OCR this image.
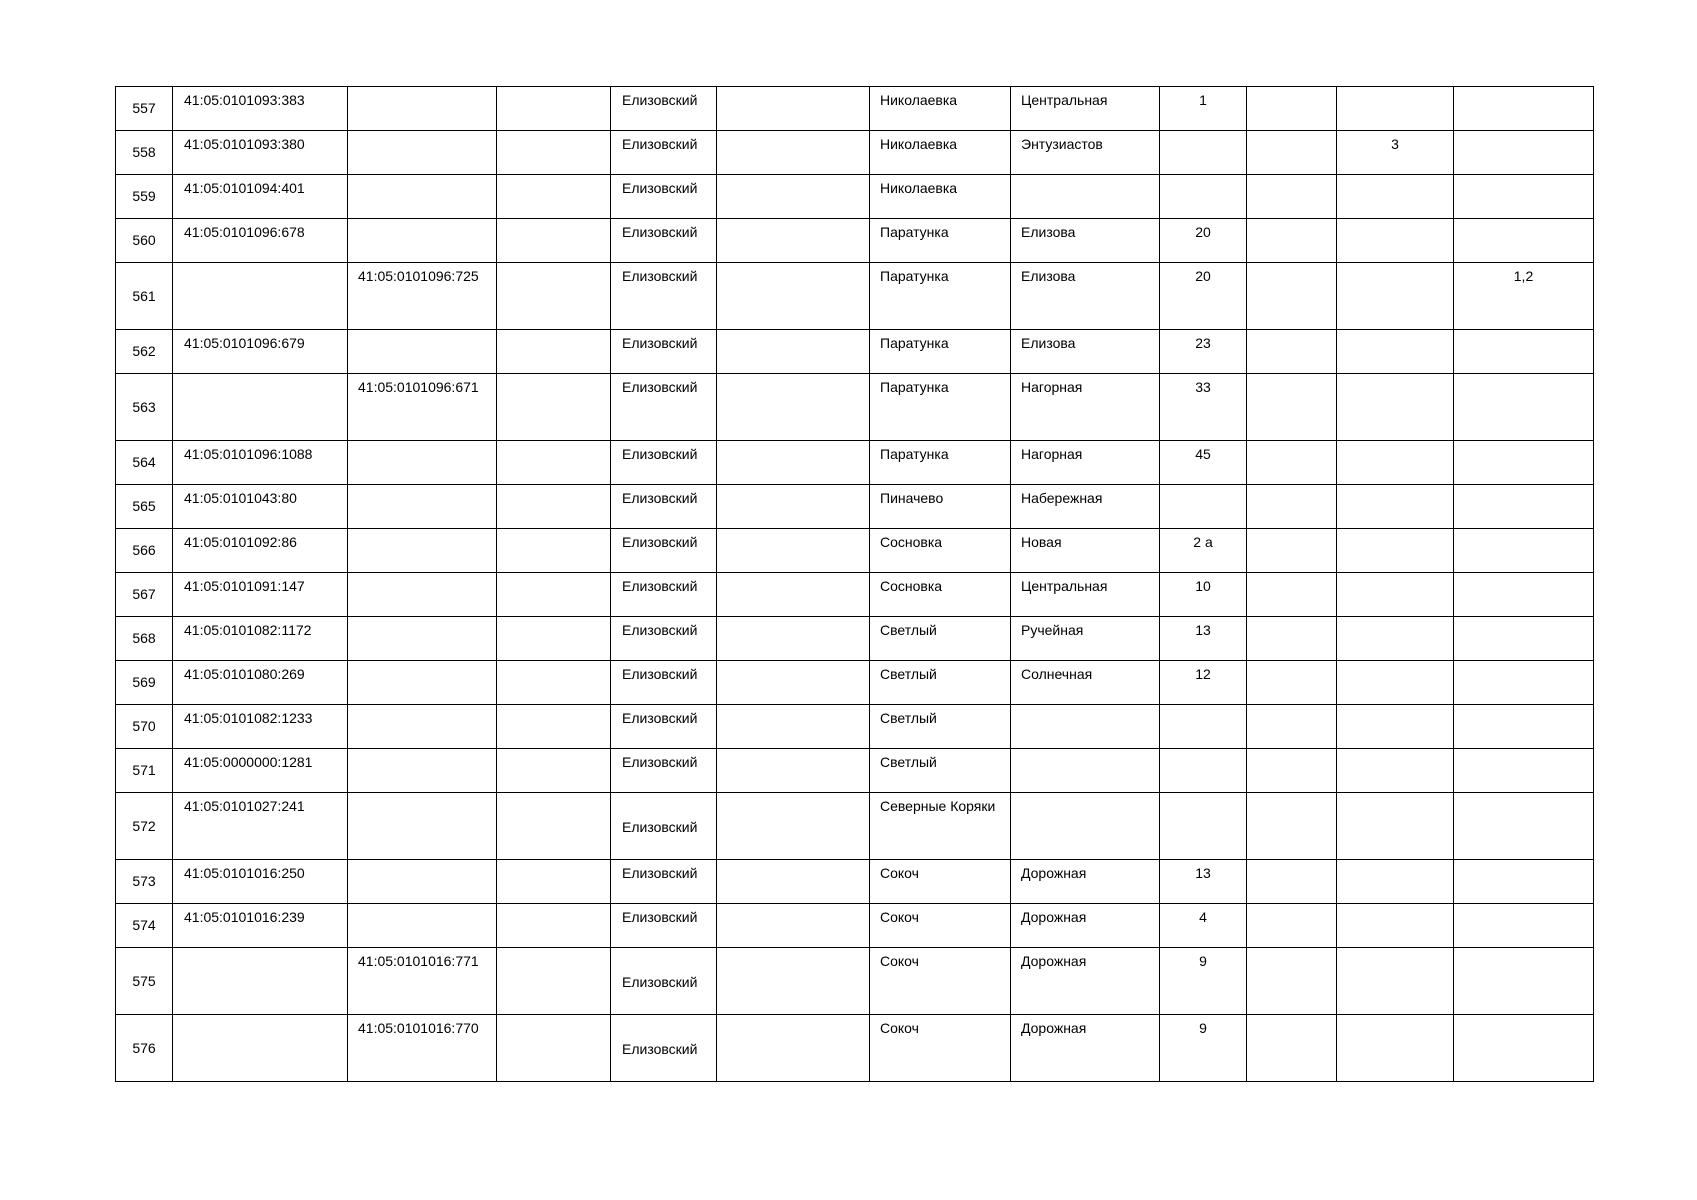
557	41:05:0101093:383			Елизовский		Николаевка	Центральная	1			
558	41:05:0101093:380			Елизовский		Николаевка	Энтузиастов			3	
559	41:05:0101094:401			Елизовский		Николаевка					
560	41:05:0101096:678			Елизовский		Паратунка	Елизова	20			
561		41:05:0101096:725		Елизовский		Паратунка	Елизова	20			1,2
562	41:05:0101096:679			Елизовский		Паратунка	Елизова	23			
563		41:05:0101096:671		Елизовский		Паратунка	Нагорная	33			
564	41:05:0101096:1088			Елизовский		Паратунка	Нагорная	45			
565	41:05:0101043:80			Елизовский		Пиначево	Набережная				
566	41:05:0101092:86			Елизовский		Сосновка	Новая	2 а			
567	41:05:0101091:147			Елизовский		Сосновка	Центральная	10			
568	41:05:0101082:1172			Елизовский		Светлый	Ручейная	13			
569	41:05:0101080:269			Елизовский		Светлый	Солнечная	12			
570	41:05:0101082:1233			Елизовский		Светлый					
571	41:05:0000000:1281			Елизовский		Светлый					
572	41:05:0101027:241			Елизовский		Северные Коряки					
573	41:05:0101016:250			Елизовский		Сокоч	Дорожная	13			
574	41:05:0101016:239			Елизовский		Сокоч	Дорожная	4			
575		41:05:0101016:771		Елизовский		Сокоч	Дорожная	9			
576		41:05:0101016:770		Елизовский		Сокоч	Дорожная	9			
